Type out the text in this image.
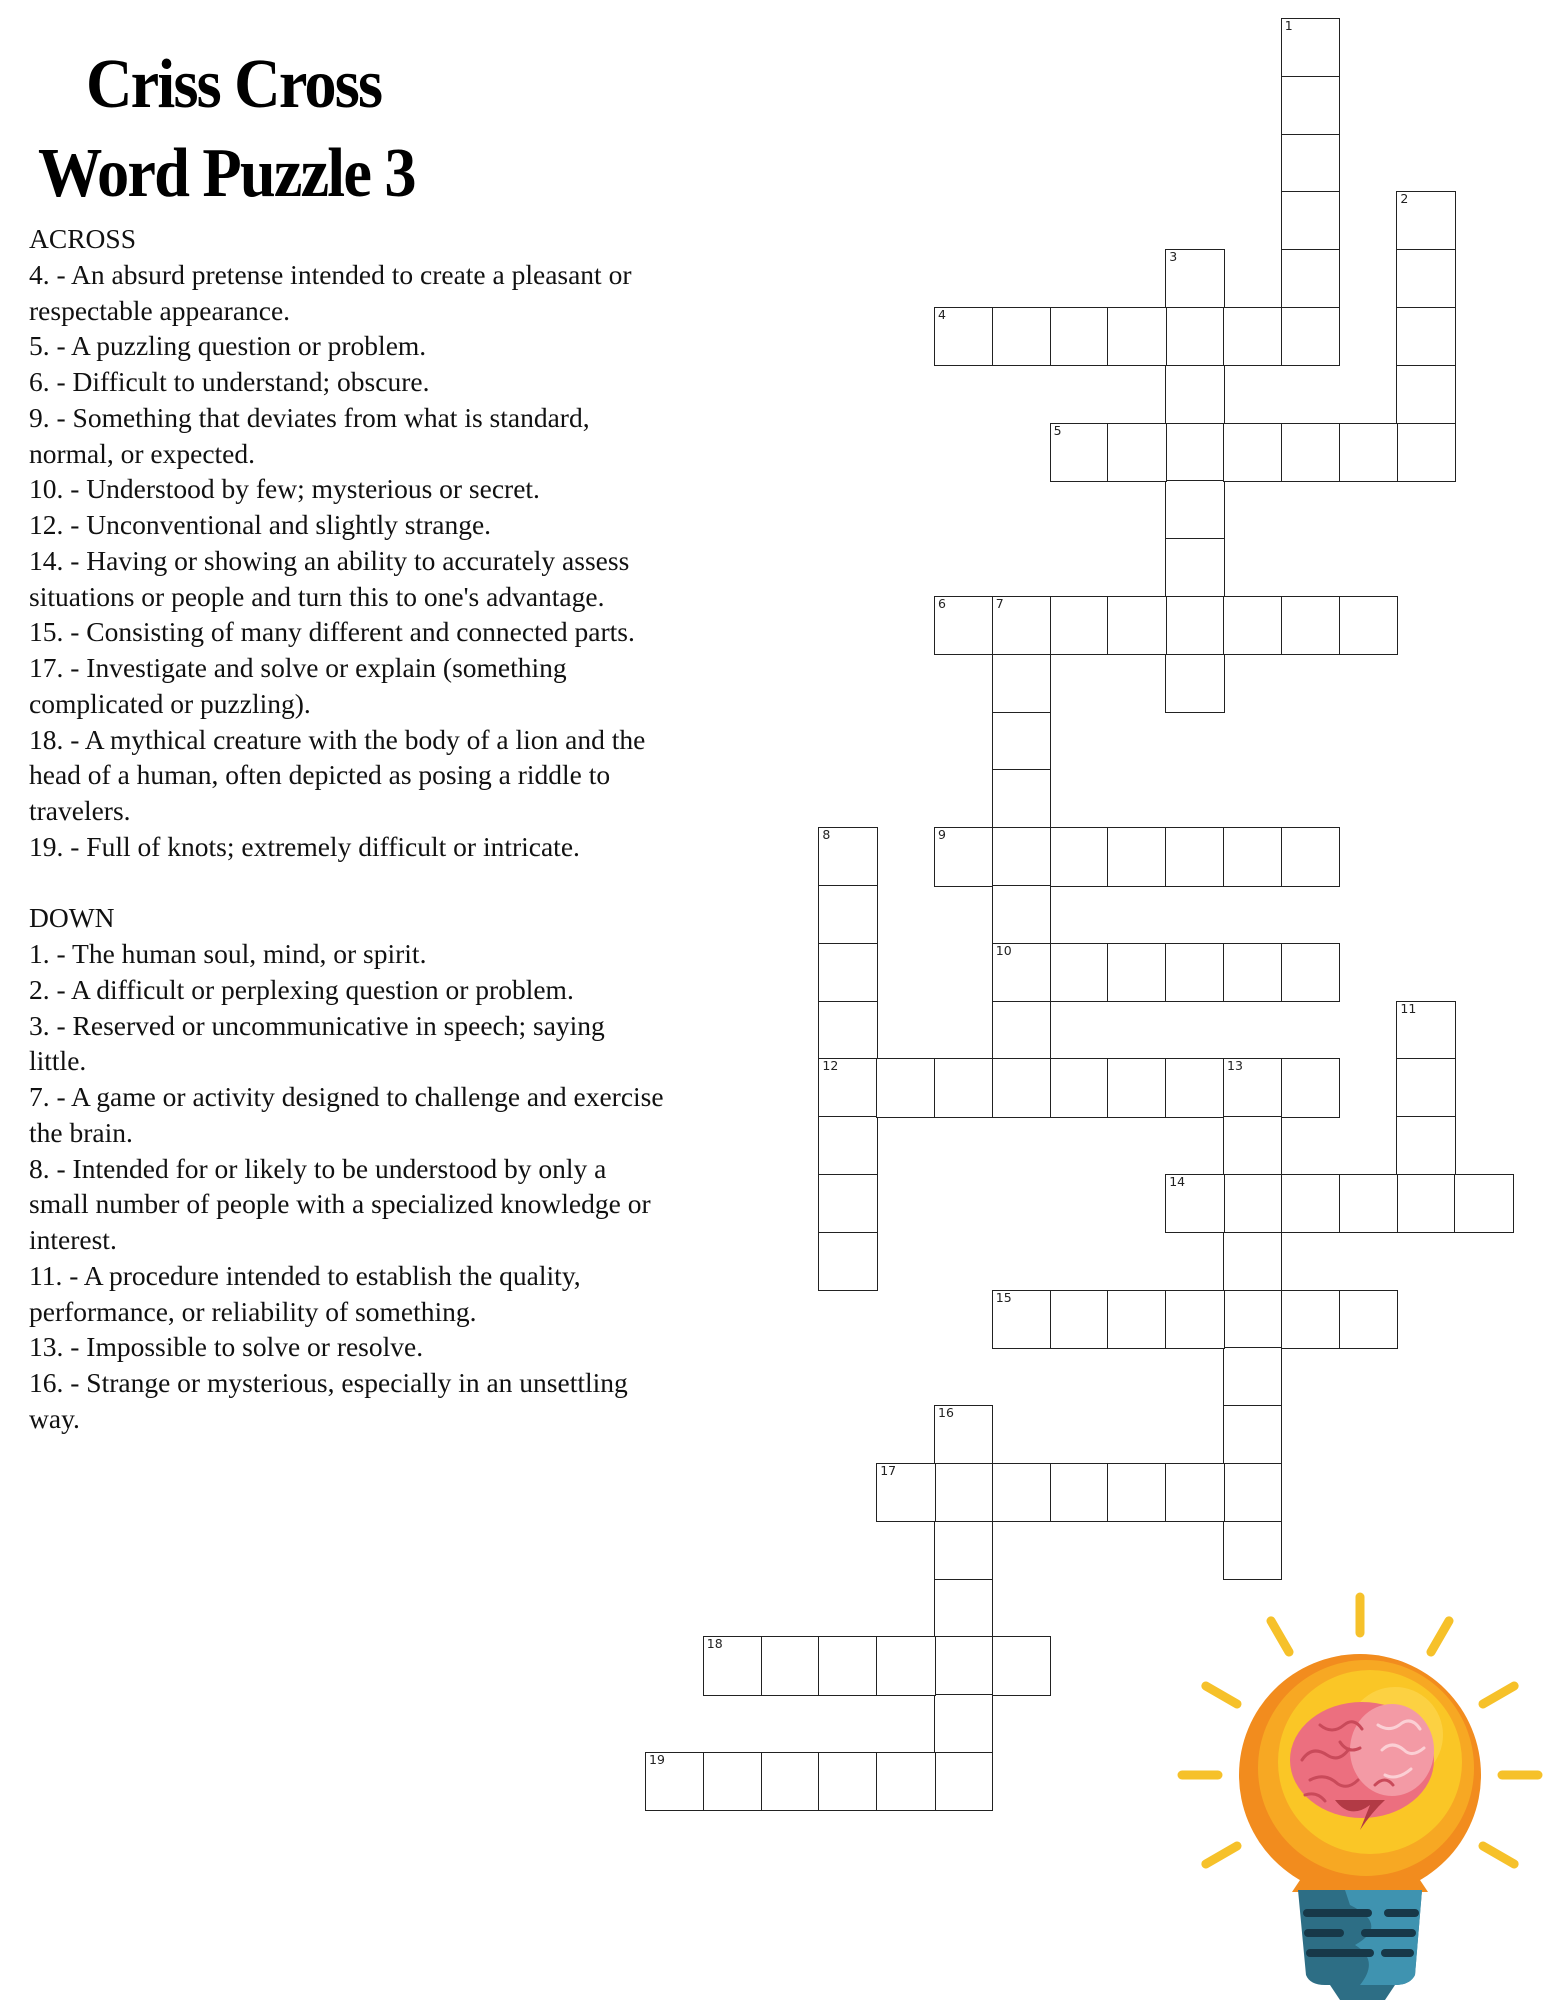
Criss Cross
Word Puzzle 3
ACROSS
4. - An absurd pretense intended to create a pleasant or respectable appearance.
5. - A puzzling question or problem.
6. - Difficult to understand; obscure.
9. - Something that deviates from what is standard, normal, or expected.
10. - Understood by few; mysterious or secret.
12. - Unconventional and slightly strange.
14. - Having or showing an ability to accurately assess situations or people and turn this to one's advantage.
15. - Consisting of many different and connected parts.
17. - Investigate and solve or explain (something complicated or puzzling).
18. - A mythical creature with the body of a lion and the head of a human, often depicted as posing a riddle to travelers.
19. - Full of knots; extremely difficult or intricate.
DOWN
1. - The human soul, mind, or spirit.
2. - A difficult or perplexing question or problem.
3. - Reserved or uncommunicative in speech; saying little.
7. - A game or activity designed to challenge and exercise the brain.
8. - Intended for or likely to be understood by only a small number of people with a specialized knowledge or interest.
11. - A procedure intended to establish the quality, performance, or reliability of something.
13. - Impossible to solve or resolve.
16. - Strange or mysterious, especially in an unsettling way.
1
2
3
4
5
6	7
10
8
12
9
11
13
14
15
16
17
18
19
